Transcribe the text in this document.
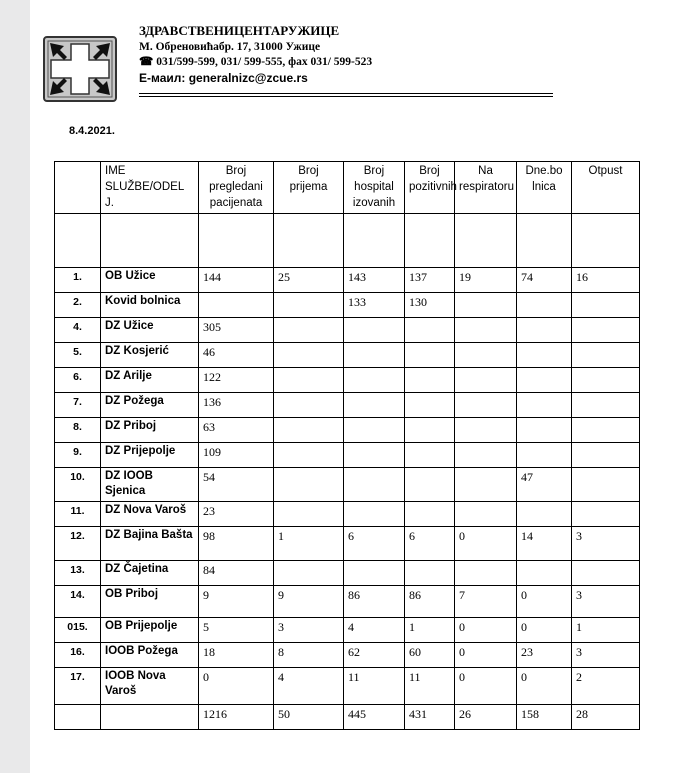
ЗДРАВСТВЕНИЦЕНТАРУЖИЦЕ
М. Обреновићабр. 17, 31000 Ужице
☎ 031/599-599, 031/ 599-555, фах 031/ 599-523
Е-маил: generalnizc@zcue.rs
8.4.2021.
	IME SLUŽBE/ODEL J.	Broj pregledani pacijenata	Broj prijema	Broj hospital izovanih	Broj pozitivnih	Na respiratoru	Dne.bo lnica	Otpust

1.	OB Užice	144	25	143	137	19	74	16
2.	Kovid bolnica			133	130			
4.	DZ Užice	305						
5.	DZ Kosjerić	46						
6.	DZ Arilje	122						
7.	DZ Požega	136						
8.	DZ Priboj	63						
9.	DZ Prijepolje	109						
10.	DZ IOOB Sjenica	54					47	
11.	DZ Nova Varoš	23						
12.	DZ Bajina Bašta	98	1	6	6	0	14	3
13.	DZ Čajetina	84						
14.	OB Priboj	9	9	86	86	7	0	3
015.	OB Prijepolje	5	3	4	1	0	0	1
16.	IOOB Požega	18	8	62	60	0	23	3
17.	IOOB Nova Varoš	0	4	11	11	0	0	2
		1216	50	445	431	26	158	28
